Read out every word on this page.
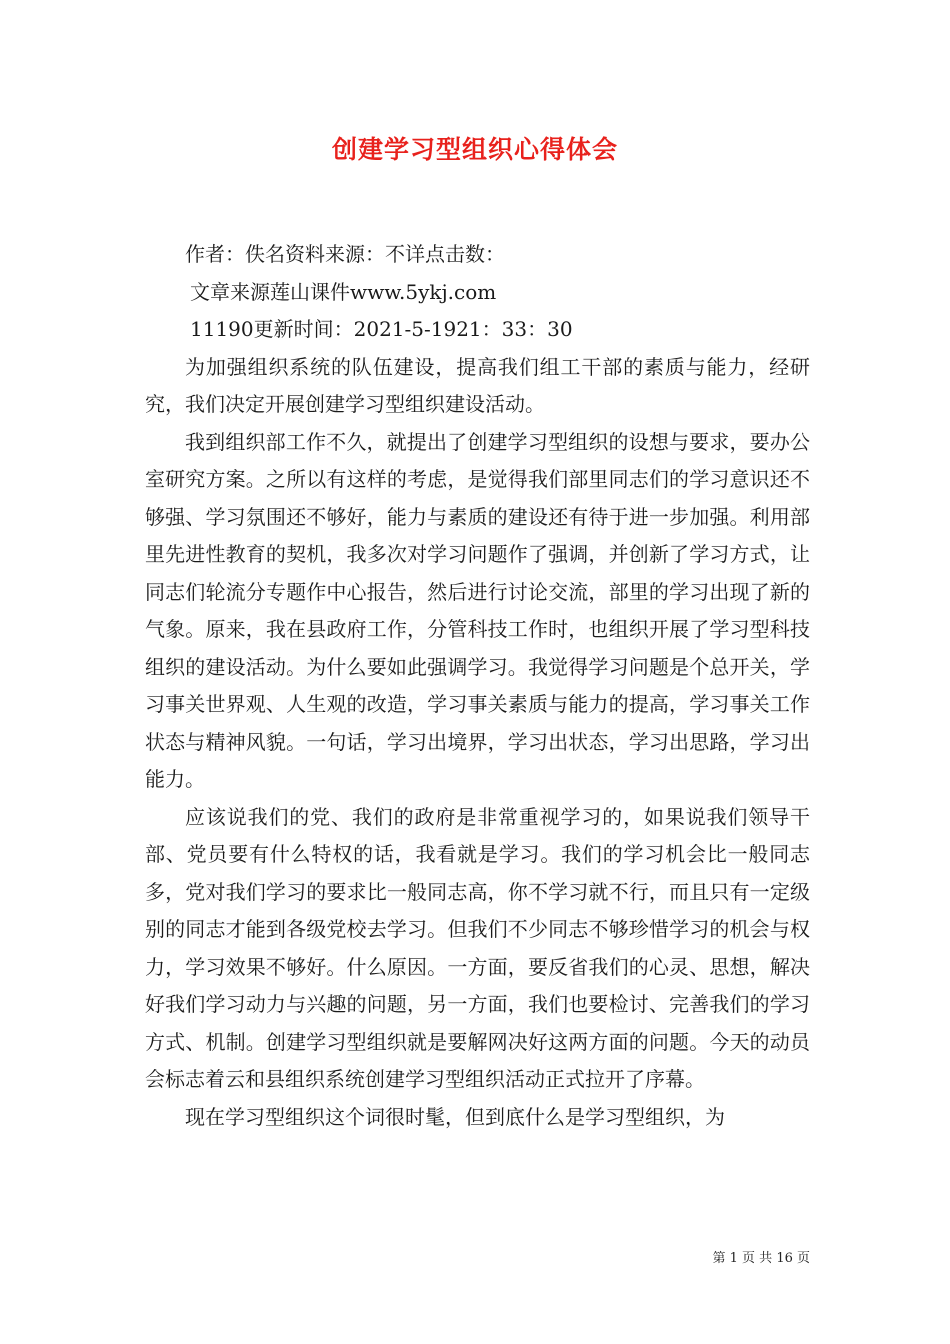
创建学习型组织心得体会

作者：佚名资料来源：不详点击数：

文章来源莲山课件www.5ykj.com

11190更新时间：2021-5-1921：33：30

为加强组织系统的队伍建设，提高我们组工干部的素质与能力，经研究，我们决定开展创建学习型组织建设活动。

我到组织部工作不久，就提出了创建学习型组织的设想与要求，要办公室研究方案。之所以有这样的考虑，是觉得我们部里同志们的学习意识还不够强、学习氛围还不够好，能力与素质的建设还有待于进一步加强。利用部里先进性教育的契机，我多次对学习问题作了强调，并创新了学习方式，让同志们轮流分专题作中心报告，然后进行讨论交流，部里的学习出现了新的气象。原来，我在县政府工作，分管科技工作时，也组织开展了学习型科技组织的建设活动。为什么要如此强调学习。我觉得学习问题是个总开关，学习事关世界观、人生观的改造，学习事关素质与能力的提高，学习事关工作状态与精神风貌。一句话，学习出境界，学习出状态，学习出思路，学习出能力。

应该说我们的党、我们的政府是非常重视学习的，如果说我们领导干部、党员要有什么特权的话，我看就是学习。我们的学习机会比一般同志多，党对我们学习的要求比一般同志高，你不学习就不行，而且只有一定级别的同志才能到各级党校去学习。但我们不少同志不够珍惜学习的机会与权力，学习效果不够好。什么原因。一方面，要反省我们的心灵、思想，解决好我们学习动力与兴趣的问题，另一方面，我们也要检讨、完善我们的学习方式、机制。创建学习型组织就是要解网决好这两方面的问题。今天的动员会标志着云和县组织系统创建学习型组织活动正式拉开了序幕。

现在学习型组织这个词很时髦，但到底什么是学习型组织，为

第 1 页 共 16 页
